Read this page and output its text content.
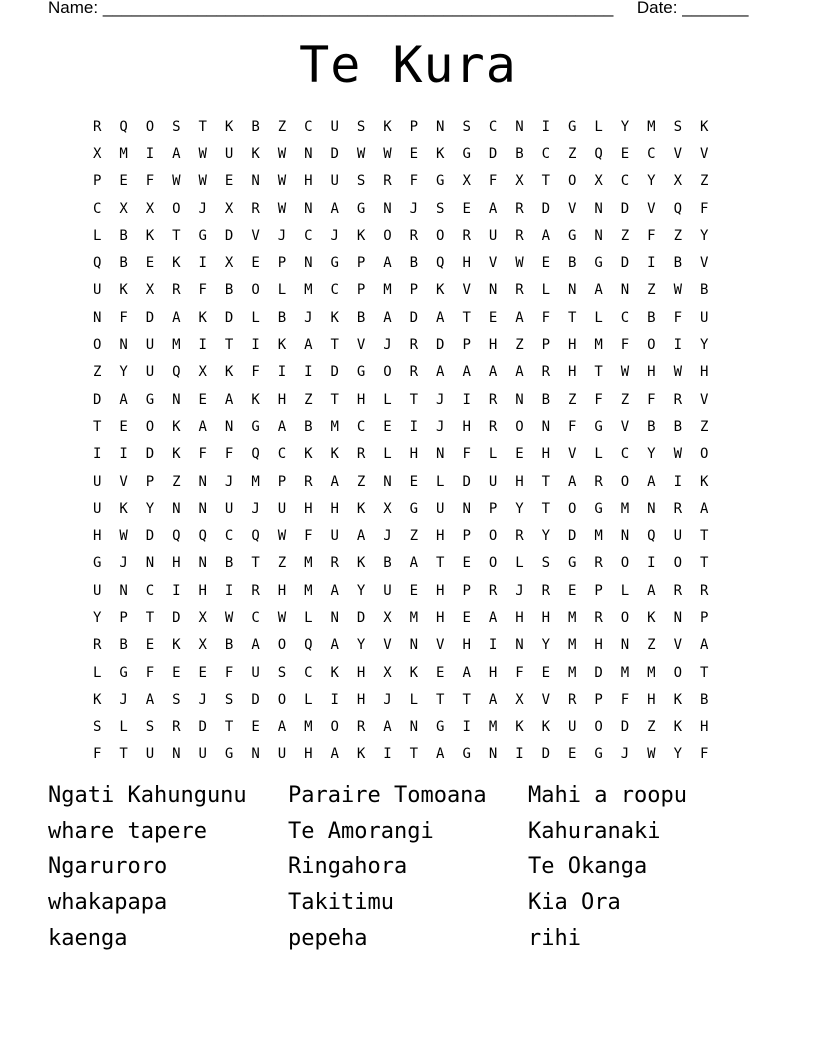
Name: ______________________________________________________ Date: _______
Te Kura
R	Q	O	S	T	K	B	Z	C	U	S	K	P	N	S	C	N	I	G	L	Y	M	S	K
X	M	I	A	W	U	K	W	N	D	W	W	E	K	G	D	B	C	Z	Q	E	C	V	V
P	E	F	W	W	E	N	W	H	U	S	R	F	G	X	F	X	T	O	X	C	Y	X	Z
C	X	X	O	J	X	R	W	N	A	G	N	J	S	E	A	R	D	V	N	D	V	Q	F
L	B	K	T	G	D	V	J	C	J	K	O	R	O	R	U	R	A	G	N	Z	F	Z	Y
Q	B	E	K	I	X	E	P	N	G	P	A	B	Q	H	V	W	E	B	G	D	I	B	V
U	K	X	R	F	B	O	L	M	C	P	M	P	K	V	N	R	L	N	A	N	Z	W	B
N	F	D	A	K	D	L	B	J	K	B	A	D	A	T	E	A	F	T	L	C	B	F	U
O	N	U	M	I	T	I	K	A	T	V	J	R	D	P	H	Z	P	H	M	F	O	I	Y
Z	Y	U	Q	X	K	F	I	I	D	G	O	R	A	A	A	A	R	H	T	W	H	W	H
D	A	G	N	E	A	K	H	Z	T	H	L	T	J	I	R	N	B	Z	F	Z	F	R	V
T	E	O	K	A	N	G	A	B	M	C	E	I	J	H	R	O	N	F	G	V	B	B	Z
I	I	D	K	F	F	Q	C	K	K	R	L	H	N	F	L	E	H	V	L	C	Y	W	O
U	V	P	Z	N	J	M	P	R	A	Z	N	E	L	D	U	H	T	A	R	O	A	I	K
U	K	Y	N	N	U	J	U	H	H	K	X	G	U	N	P	Y	T	O	G	M	N	R	A
H	W	D	Q	Q	C	Q	W	F	U	A	J	Z	H	P	O	R	Y	D	M	N	Q	U	T
G	J	N	H	N	B	T	Z	M	R	K	B	A	T	E	O	L	S	G	R	O	I	O	T
U	N	C	I	H	I	R	H	M	A	Y	U	E	H	P	R	J	R	E	P	L	A	R	R
Y	P	T	D	X	W	C	W	L	N	D	X	M	H	E	A	H	H	M	R	O	K	N	P
R	B	E	K	X	B	A	O	Q	A	Y	V	N	V	H	I	N	Y	M	H	N	Z	V	A
L	G	F	E	E	F	U	S	C	K	H	X	K	E	A	H	F	E	M	D	M	M	O	T
K	J	A	S	J	S	D	O	L	I	H	J	L	T	T	A	X	V	R	P	F	H	K	B
S	L	S	R	D	T	E	A	M	O	R	A	N	G	I	M	K	K	U	O	D	Z	K	H
F	T	U	N	U	G	N	U	H	A	K	I	T	A	G	N	I	D	E	G	J	W	Y	F
Ngati Kahungunu	Paraire Tomoana	Mahi a roopu
whare tapere	Te Amorangi	Kahuranaki
Ngaruroro	Ringahora	Te Okanga
whakapapa	Takitimu	Kia Ora
kaenga	pepeha	rihi
